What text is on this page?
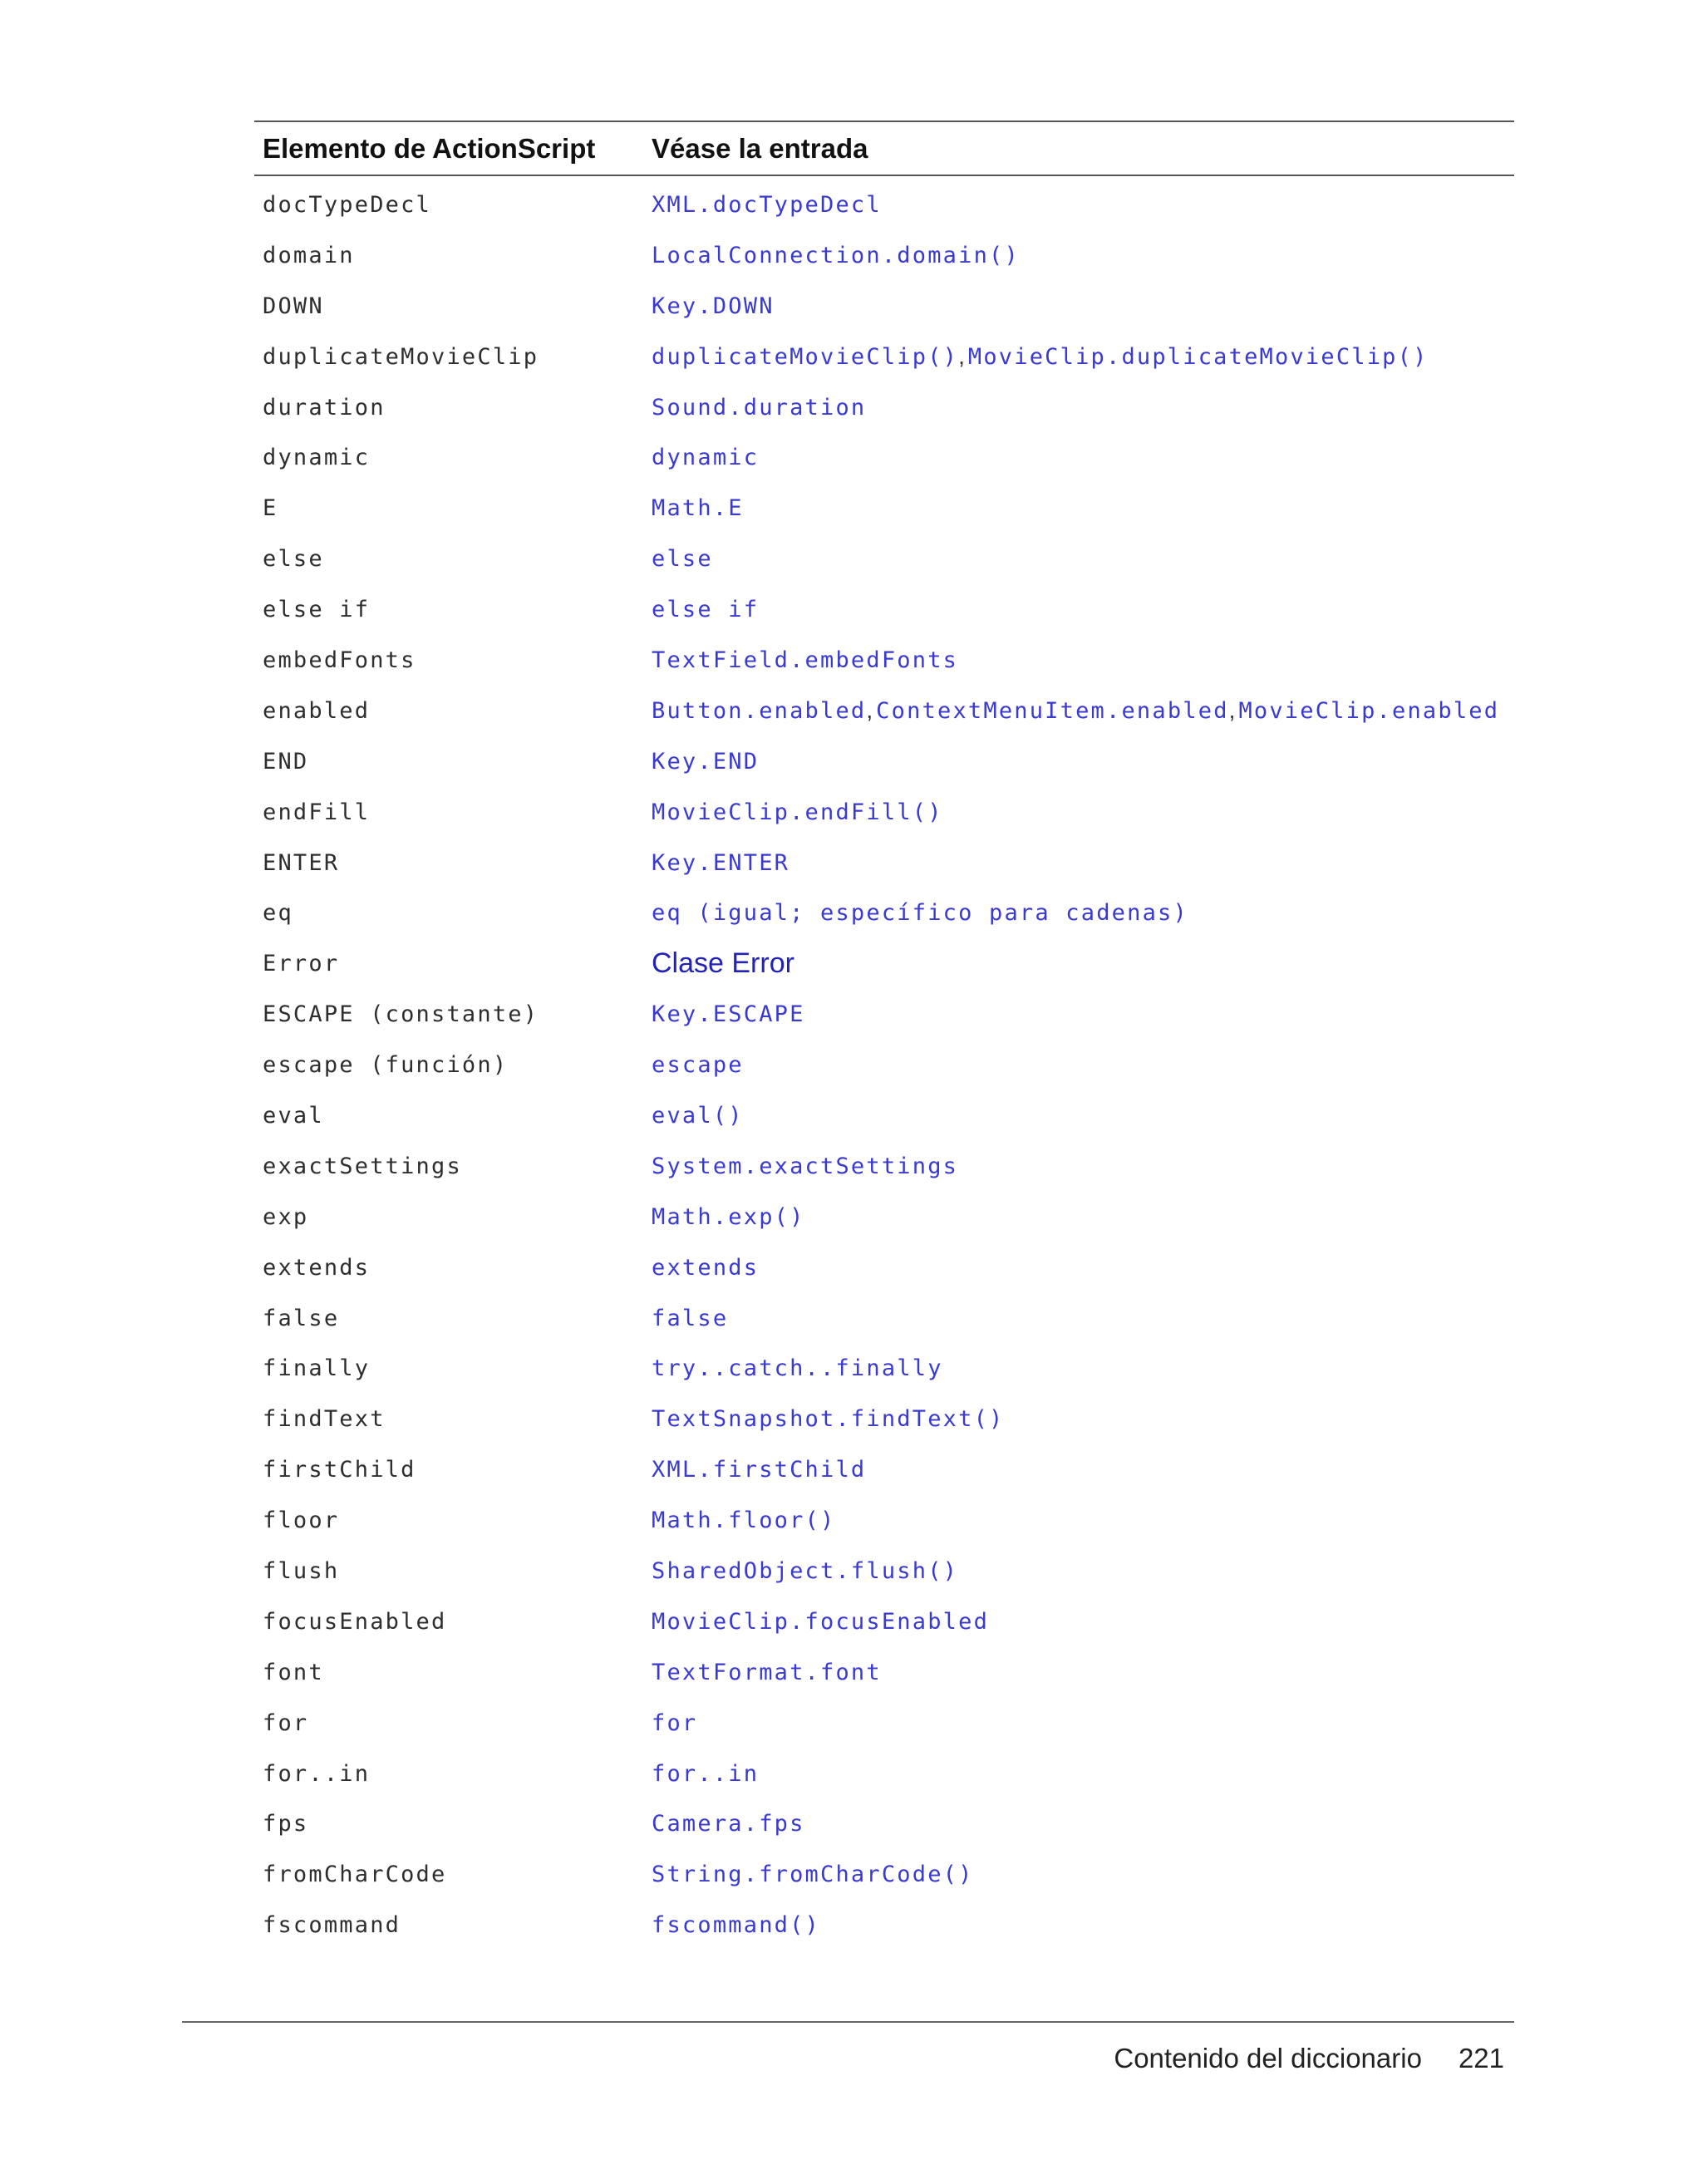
Elemento de ActionScript	Véase la entrada
docTypeDecl	XML.docTypeDecl
domain	LocalConnection.domain()
DOWN	Key.DOWN
duplicateMovieClip	duplicateMovieClip() , MovieClip.duplicateMovieClip()
duration	Sound.duration
dynamic	dynamic
E	Math.E
else	else
else if	else if
embedFonts	TextField.embedFonts
enabled	Button.enabled , ContextMenuItem.enabled , MovieClip.enabled
END	Key.END
endFill	MovieClip.endFill()
ENTER	Key.ENTER
eq	eq (igual; específico para cadenas)
Error	Clase Error
ESCAPE (constante)	Key.ESCAPE
escape (función)	escape
eval	eval()
exactSettings	System.exactSettings
exp	Math.exp()
extends	extends
false	false
finally	try..catch..finally
findText	TextSnapshot.findText()
firstChild	XML.firstChild
floor	Math.floor()
flush	SharedObject.flush()
focusEnabled	MovieClip.focusEnabled
font	TextFormat.font
for	for
for..in	for..in
fps	Camera.fps
fromCharCode	String.fromCharCode()
fscommand	fscommand()
Contenido del diccionario 221
